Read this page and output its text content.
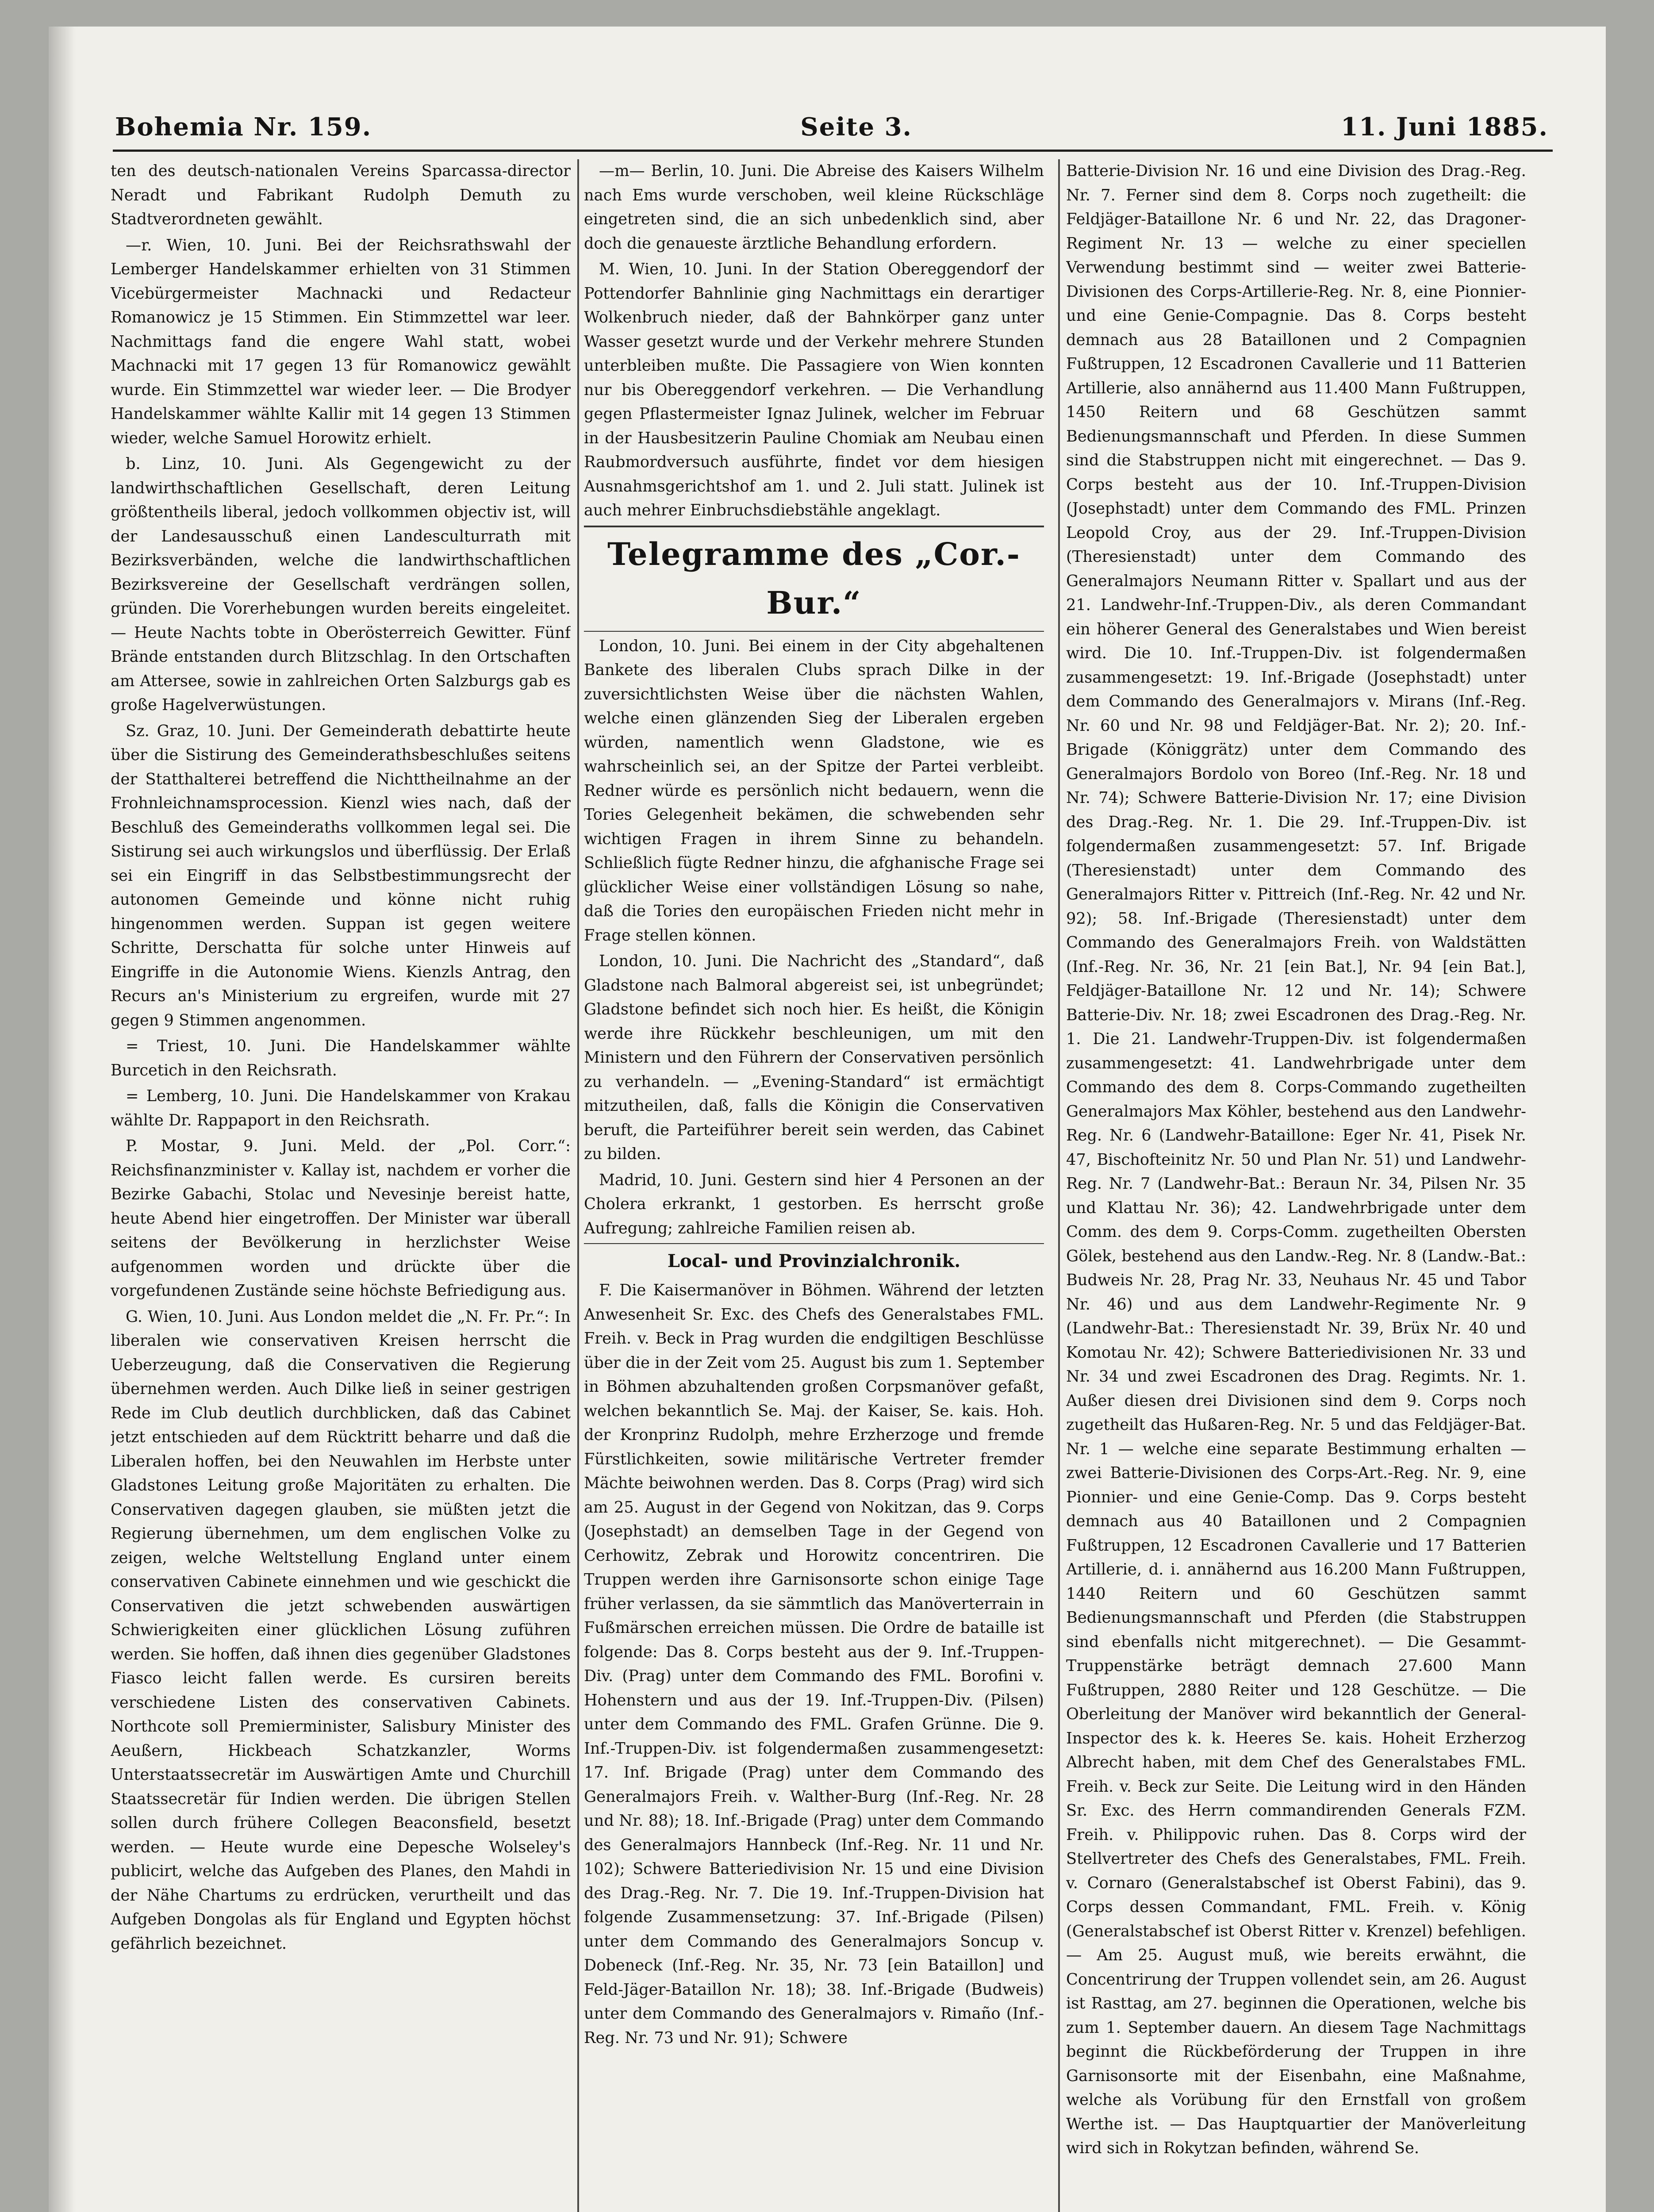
Bohemia Nr. 159.	Seite 3.	11. Juni 1885.

ten des deutsch-nationalen Vereins Sparcassa-director Neradt und Fabrikant Rudolph Demuth zu Stadtverordneten gewählt.

—r. Wien, 10. Juni. Bei der Reichsrathswahl der Lemberger Handelskammer erhielten von 31 Stimmen Vicebürgermeister Machnacki und Redacteur Romanowicz je 15 Stimmen. Ein Stimmzettel war leer. Nachmittags fand die engere Wahl statt, wobei Machnacki mit 17 gegen 13 für Romanowicz gewählt wurde. Ein Stimmzettel war wieder leer. — Die Brodyer Handelskammer wählte Kallir mit 14 gegen 13 Stimmen wieder, welche Samuel Horowitz erhielt.

b. Linz, 10. Juni. Als Gegengewicht zu der landwirthschaftlichen Gesellschaft, deren Leitung größtentheils liberal, jedoch vollkommen objectiv ist, will der Landesausschuß einen Landesculturrath mit Bezirksverbänden, welche die landwirthschaftlichen Bezirksvereine der Gesellschaft verdrängen sollen, gründen. Die Vorerhebungen wurden bereits eingeleitet. — Heute Nachts tobte in Oberösterreich Gewitter. Fünf Brände entstanden durch Blitzschlag. In den Ortschaften am Attersee, sowie in zahlreichen Orten Salzburgs gab es große Hagelverwüstungen.

Sz. Graz, 10. Juni. Der Gemeinderath debattirte heute über die Sistirung des Gemeinderathsbeschlußes seitens der Statthalterei betreffend die Nichttheilnahme an der Frohnleichnamsprocession. Kienzl wies nach, daß der Beschluß des Gemeinderaths vollkommen legal sei. Die Sistirung sei auch wirkungslos und überflüssig. Der Erlaß sei ein Eingriff in das Selbstbestimmungsrecht der autonomen Gemeinde und könne nicht ruhig hingenommen werden. Suppan ist gegen weitere Schritte, Derschatta für solche unter Hinweis auf Eingriffe in die Autonomie Wiens. Kienzls Antrag, den Recurs an's Ministerium zu ergreifen, wurde mit 27 gegen 9 Stimmen angenommen.

= Triest, 10. Juni. Die Handelskammer wählte Burcetich in den Reichsrath.

= Lemberg, 10. Juni. Die Handelskammer von Krakau wählte Dr. Rappaport in den Reichsrath.

P. Mostar, 9. Juni. Meld. der „Pol. Corr.“: Reichsfinanzminister v. Kallay ist, nachdem er vorher die Bezirke Gabachi, Stolac und Nevesinje bereist hatte, heute Abend hier eingetroffen. Der Minister war überall seitens der Bevölkerung in herzlichster Weise aufgenommen worden und drückte über die vorgefundenen Zustände seine höchste Befriedigung aus.

G. Wien, 10. Juni. Aus London meldet die „N. Fr. Pr.“: In liberalen wie conservativen Kreisen herrscht die Ueberzeugung, daß die Conservativen die Regierung übernehmen werden. Auch Dilke ließ in seiner gestrigen Rede im Club deutlich durchblicken, daß das Cabinet jetzt entschieden auf dem Rücktritt beharre und daß die Liberalen hoffen, bei den Neuwahlen im Herbste unter Gladstones Leitung große Majoritäten zu erhalten. Die Conservativen dagegen glauben, sie müßten jetzt die Regierung übernehmen, um dem englischen Volke zu zeigen, welche Weltstellung England unter einem conservativen Cabinete einnehmen und wie geschickt die Conservativen die jetzt schwebenden auswärtigen Schwierigkeiten einer glücklichen Lösung zuführen werden. Sie hoffen, daß ihnen dies gegenüber Gladstones Fiasco leicht fallen werde. Es cursiren bereits verschiedene Listen des conservativen Cabinets. Northcote soll Premierminister, Salisbury Minister des Aeußern, Hickbeach Schatzkanzler, Worms Unterstaatssecretär im Auswärtigen Amte und Churchill Staatssecretär für Indien werden. Die übrigen Stellen sollen durch frühere Collegen Beaconsfield, besetzt werden. — Heute wurde eine Depesche Wolseley's publicirt, welche das Aufgeben des Planes, den Mahdi in der Nähe Chartums zu erdrücken, verurtheilt und das Aufgeben Dongolas als für England und Egypten höchst gefährlich bezeichnet.

—m— Berlin, 10. Juni. Die Abreise des Kaisers Wilhelm nach Ems wurde verschoben, weil kleine Rückschläge eingetreten sind, die an sich unbedenklich sind, aber doch die genaueste ärztliche Behandlung erfordern.

M. Wien, 10. Juni. In der Station Obereggendorf der Pottendorfer Bahnlinie ging Nachmittags ein derartiger Wolkenbruch nieder, daß der Bahnkörper ganz unter Wasser gesetzt wurde und der Verkehr mehrere Stunden unterbleiben mußte. Die Passagiere von Wien konnten nur bis Obereggendorf verkehren. — Die Verhandlung gegen Pflastermeister Ignaz Julinek, welcher im Februar in der Hausbesitzerin Pauline Chomiak am Neubau einen Raubmordversuch ausführte, findet vor dem hiesigen Ausnahmsgerichtshof am 1. und 2. Juli statt. Julinek ist auch mehrer Einbruchsdiebstähle angeklagt.

Telegramme des „Cor.-Bur.“

London, 10. Juni. Bei einem in der City abgehaltenen Bankete des liberalen Clubs sprach Dilke in der zuversichtlichsten Weise über die nächsten Wahlen, welche einen glänzenden Sieg der Liberalen ergeben würden, namentlich wenn Gladstone, wie es wahrscheinlich sei, an der Spitze der Partei verbleibt. Redner würde es persönlich nicht bedauern, wenn die Tories Gelegenheit bekämen, die schwebenden sehr wichtigen Fragen in ihrem Sinne zu behandeln. Schließlich fügte Redner hinzu, die afghanische Frage sei glücklicher Weise einer vollständigen Lösung so nahe, daß die Tories den europäischen Frieden nicht mehr in Frage stellen können.

London, 10. Juni. Die Nachricht des „Standard“, daß Gladstone nach Balmoral abgereist sei, ist unbegründet; Gladstone befindet sich noch hier. Es heißt, die Königin werde ihre Rückkehr beschleunigen, um mit den Ministern und den Führern der Conservativen persönlich zu verhandeln. — „Evening-Standard“ ist ermächtigt mitzutheilen, daß, falls die Königin die Conservativen beruft, die Parteiführer bereit sein werden, das Cabinet zu bilden.

Madrid, 10. Juni. Gestern sind hier 4 Personen an der Cholera erkrankt, 1 gestorben. Es herrscht große Aufregung; zahlreiche Familien reisen ab.

Local- und Provinzialchronik.

F. Die Kaisermanöver in Böhmen. Während der letzten Anwesenheit Sr. Exc. des Chefs des Generalstabes FML. Freih. v. Beck in Prag wurden die endgiltigen Beschlüsse über die in der Zeit vom 25. August bis zum 1. September in Böhmen abzuhaltenden großen Corpsmanöver gefaßt, welchen bekanntlich Se. Maj. der Kaiser, Se. kais. Hoh. der Kronprinz Rudolph, mehre Erzherzoge und fremde Fürstlichkeiten, sowie militärische Vertreter fremder Mächte beiwohnen werden. Das 8. Corps (Prag) wird sich am 25. August in der Gegend von Nokitzan, das 9. Corps (Josephstadt) an demselben Tage in der Gegend von Cerhowitz, Zebrak und Horowitz concentriren. Die Truppen werden ihre Garnisonsorte schon einige Tage früher verlassen, da sie sämmtlich das Manöverterrain in Fußmärschen erreichen müssen. Die Ordre de bataille ist folgende: Das 8. Corps besteht aus der 9. Inf.-Truppen-Div. (Prag) unter dem Commando des FML. Borofini v. Hohenstern und aus der 19. Inf.-Truppen-Div. (Pilsen) unter dem Commando des FML. Grafen Grünne. Die 9. Inf.-Truppen-Div. ist folgendermaßen zusammengesetzt: 17. Inf. Brigade (Prag) unter dem Commando des Generalmajors Freih. v. Walther-Burg (Inf.-Reg. Nr. 28 und Nr. 88); 18. Inf.-Brigade (Prag) unter dem Commando des Generalmajors Hannbeck (Inf.-Reg. Nr. 11 und Nr. 102); Schwere Batteriedivision Nr. 15 und eine Division des Drag.-Reg. Nr. 7. Die 19. Inf.-Truppen-Division hat folgende Zusammensetzung: 37. Inf.-Brigade (Pilsen) unter dem Commando des Generalmajors Soncup v. Dobeneck (Inf.-Reg. Nr. 35, Nr. 73 [ein Bataillon] und Feld-Jäger-Bataillon Nr. 18); 38. Inf.-Brigade (Budweis) unter dem Commando des Generalmajors v. Rimaño (Inf.-Reg. Nr. 73 und Nr. 91); Schwere

Batterie-Division Nr. 16 und eine Division des Drag.-Reg. Nr. 7. Ferner sind dem 8. Corps noch zugetheilt: die Feldjäger-Bataillone Nr. 6 und Nr. 22, das Dragoner-Regiment Nr. 13 — welche zu einer speciellen Verwendung bestimmt sind — weiter zwei Batterie-Divisionen des Corps-Artillerie-Reg. Nr. 8, eine Pionnier- und eine Genie-Compagnie. Das 8. Corps besteht demnach aus 28 Bataillonen und 2 Compagnien Fußtruppen, 12 Escadronen Cavallerie und 11 Batterien Artillerie, also annähernd aus 11.400 Mann Fußtruppen, 1450 Reitern und 68 Geschützen sammt Bedienungsmannschaft und Pferden. In diese Summen sind die Stabstruppen nicht mit eingerechnet. — Das 9. Corps besteht aus der 10. Inf.-Truppen-Division (Josephstadt) unter dem Commando des FML. Prinzen Leopold Croy, aus der 29. Inf.-Truppen-Division (Theresienstadt) unter dem Commando des Generalmajors Neumann Ritter v. Spallart und aus der 21. Landwehr-Inf.-Truppen-Div., als deren Commandant ein höherer General des Generalstabes und Wien bereist wird. Die 10. Inf.-Truppen-Div. ist folgendermaßen zusammengesetzt: 19. Inf.-Brigade (Josephstadt) unter dem Commando des Generalmajors v. Mirans (Inf.-Reg. Nr. 60 und Nr. 98 und Feldjäger-Bat. Nr. 2); 20. Inf.-Brigade (Königgrätz) unter dem Commando des Generalmajors Bordolo von Boreo (Inf.-Reg. Nr. 18 und Nr. 74); Schwere Batterie-Division Nr. 17; eine Division des Drag.-Reg. Nr. 1. Die 29. Inf.-Truppen-Div. ist folgendermaßen zusammengesetzt: 57. Inf. Brigade (Theresienstadt) unter dem Commando des Generalmajors Ritter v. Pittreich (Inf.-Reg. Nr. 42 und Nr. 92); 58. Inf.-Brigade (Theresienstadt) unter dem Commando des Generalmajors Freih. von Waldstätten (Inf.-Reg. Nr. 36, Nr. 21 [ein Bat.], Nr. 94 [ein Bat.], Feldjäger-Bataillone Nr. 12 und Nr. 14); Schwere Batterie-Div. Nr. 18; zwei Escadronen des Drag.-Reg. Nr. 1. Die 21. Landwehr-Truppen-Div. ist folgendermaßen zusammengesetzt: 41. Landwehrbrigade unter dem Commando des dem 8. Corps-Commando zugetheilten Generalmajors Max Köhler, bestehend aus den Landwehr-Reg. Nr. 6 (Landwehr-Bataillone: Eger Nr. 41, Pisek Nr. 47, Bischofteinitz Nr. 50 und Plan Nr. 51) und Landwehr-Reg. Nr. 7 (Landwehr-Bat.: Beraun Nr. 34, Pilsen Nr. 35 und Klattau Nr. 36); 42. Landwehrbrigade unter dem Comm. des dem 9. Corps-Comm. zugetheilten Obersten Gölek, bestehend aus den Landw.-Reg. Nr. 8 (Landw.-Bat.: Budweis Nr. 28, Prag Nr. 33, Neuhaus Nr. 45 und Tabor Nr. 46) und aus dem Landwehr-Regimente Nr. 9 (Landwehr-Bat.: Theresienstadt Nr. 39, Brüx Nr. 40 und Komotau Nr. 42); Schwere Batteriedivisionen Nr. 33 und Nr. 34 und zwei Escadronen des Drag. Regimts. Nr. 1. Außer diesen drei Divisionen sind dem 9. Corps noch zugetheilt das Hußaren-Reg. Nr. 5 und das Feldjäger-Bat. Nr. 1 — welche eine separate Bestimmung erhalten — zwei Batterie-Divisionen des Corps-Art.-Reg. Nr. 9, eine Pionnier- und eine Genie-Comp. Das 9. Corps besteht demnach aus 40 Bataillonen und 2 Compagnien Fußtruppen, 12 Escadronen Cavallerie und 17 Batterien Artillerie, d. i. annähernd aus 16.200 Mann Fußtruppen, 1440 Reitern und 60 Geschützen sammt Bedienungsmannschaft und Pferden (die Stabstruppen sind ebenfalls nicht mitgerechnet). — Die Gesammt-Truppenstärke beträgt demnach 27.600 Mann Fußtruppen, 2880 Reiter und 128 Geschütze. — Die Oberleitung der Manöver wird bekanntlich der General-Inspector des k. k. Heeres Se. kais. Hoheit Erzherzog Albrecht haben, mit dem Chef des Generalstabes FML. Freih. v. Beck zur Seite. Die Leitung wird in den Händen Sr. Exc. des Herrn commandirenden Generals FZM. Freih. v. Philippovic ruhen. Das 8. Corps wird der Stellvertreter des Chefs des Generalstabes, FML. Freih. v. Cornaro (Generalstabschef ist Oberst Fabini), das 9. Corps dessen Commandant, FML. Freih. v. König (Generalstabschef ist Oberst Ritter v. Krenzel) befehligen. — Am 25. August muß, wie bereits erwähnt, die Concentrirung der Truppen vollendet sein, am 26. August ist Rasttag, am 27. beginnen die Operationen, welche bis zum 1. September dauern. An diesem Tage Nachmittags beginnt die Rückbeförderung der Truppen in ihre Garnisonsorte mit der Eisenbahn, eine Maßnahme, welche als Vorübung für den Ernstfall von großem Werthe ist. — Das Hauptquartier der Manöverleitung wird sich in Rokytzan befinden, während Se.
